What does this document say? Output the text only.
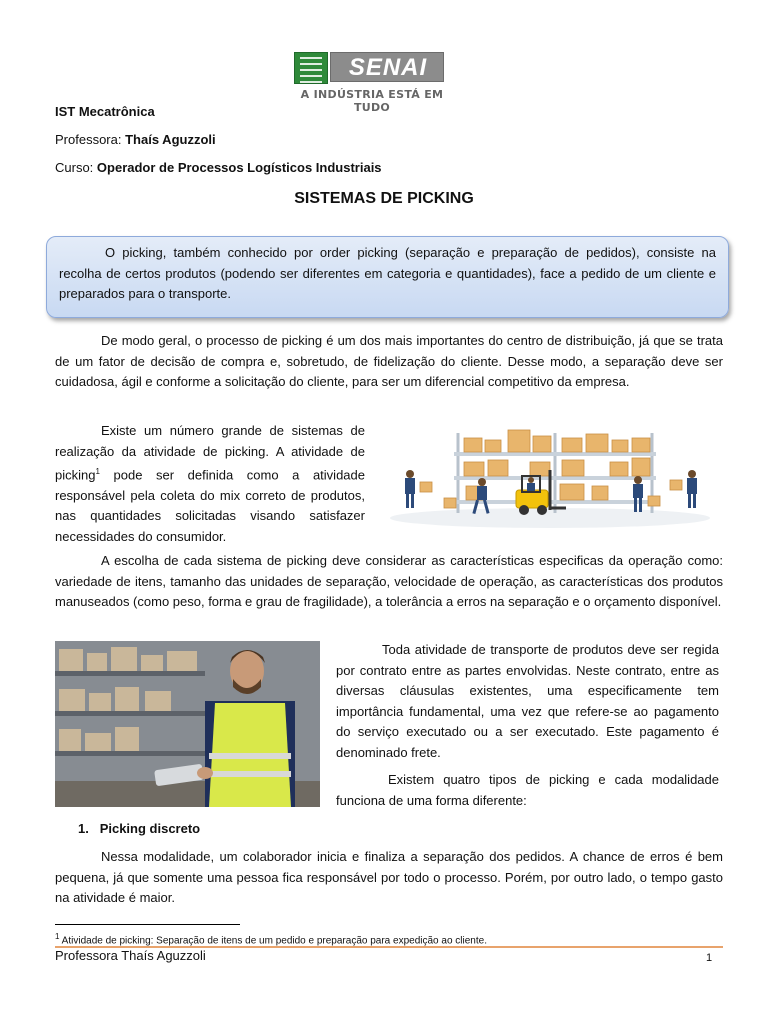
SENAI
A INDÚSTRIA ESTÁ EM TUDO
IST Mecatrônica
Professora: Thaís Aguzzoli
Curso: Operador de Processos Logísticos Industriais
SISTEMAS DE PICKING

O picking, também conhecido por order picking (separação e preparação de pedidos), consiste na recolha de certos produtos (podendo ser diferentes em categoria e quantidades), face a pedido de um cliente e preparados para o transporte.

De modo geral, o processo de picking é um dos mais importantes do centro de distribuição, já que se trata de um fator de decisão de compra e, sobretudo, de fidelização do cliente. Desse modo, a separação deve ser cuidadosa, ágil e conforme a solicitação do cliente, para ser um diferencial competitivo da empresa.

Existe um número grande de sistemas de realização da atividade de picking. A atividade de picking$^1$ pode ser definida como a atividade responsável pela coleta do mix correto de produtos, nas quantidades solicitadas visando satisfazer necessidades do consumidor.

A escolha de cada sistema de picking deve considerar as características especificas da operação como: variedade de itens, tamanho das unidades de separação, velocidade de operação, as características dos produtos manuseados (como peso, forma e grau de fragilidade), a tolerância a erros na separação e o orçamento disponível.

Toda atividade de transporte de produtos deve ser regida por contrato entre as partes envolvidas. Neste contrato, entre as diversas cláusulas existentes, uma especificamente tem importância fundamental, uma vez que refere-se ao pagamento do serviço executado ou a ser executado. Este pagamento é denominado frete.

Existem quatro tipos de picking e cada modalidade funciona de uma forma diferente:

1. Picking discreto

Nessa modalidade, um colaborador inicia e finaliza a separação dos pedidos. A chance de erros é bem pequena, já que somente uma pessoa fica responsável por todo o processo. Porém, por outro lado, o tempo gasto na atividade é maior.

$^1$ Atividade de picking: Separação de itens de um pedido e preparação para expedição ao cliente.
Professora Thaís Aguzzoli	1
